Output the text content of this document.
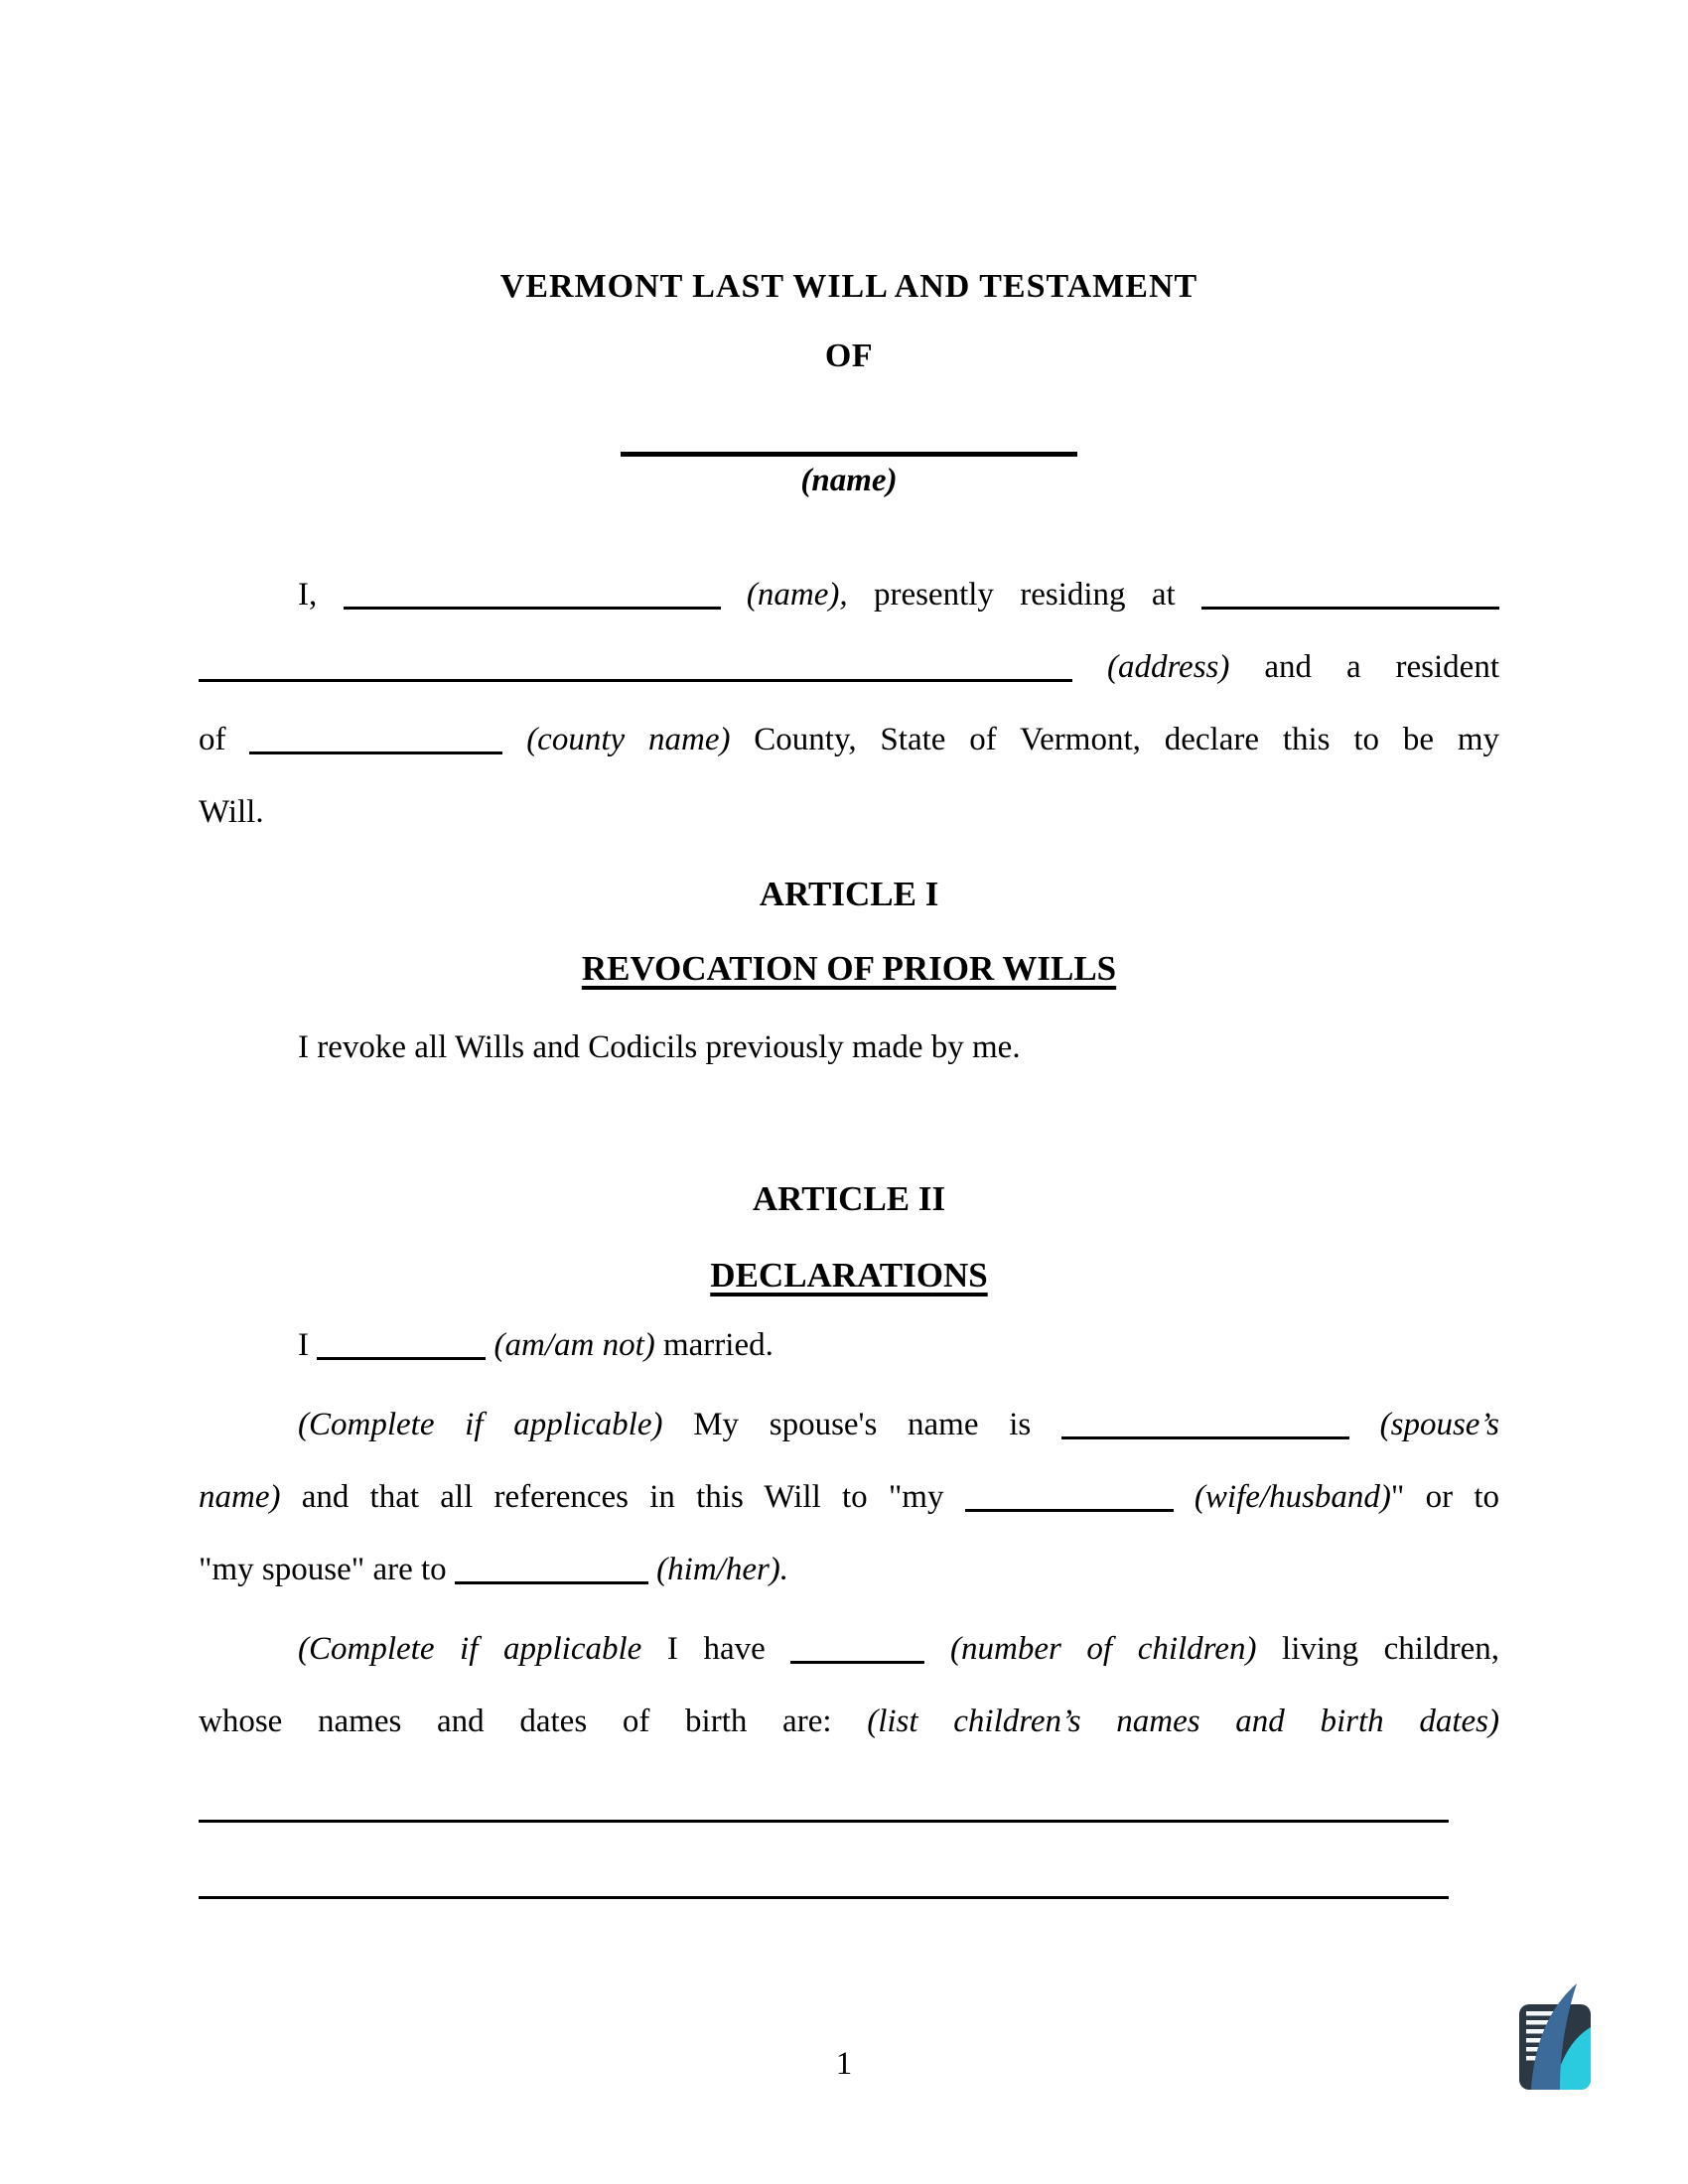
VERMONT LAST WILL AND TESTAMENT
OF
(name)
I,	(name), presently residing at
(address) and a resident
of	(county name) County, State of Vermont, declare this to be my
Will.
ARTICLE I
REVOCATION OF PRIOR WILLS
I revoke all Wills and Codicils previously made by me.
ARTICLE II
DECLARATIONS
I	(am/am not) married.
(Complete if applicable) My spouse's name is	(spouse’s
name) and that all references in this Will to "my	(wife/husband)" or to
"my spouse" are to	(him/her).
(Complete if applicable I have	(number of children) living children,
whose names and dates of birth are: (list children’s names and birth dates)
1
